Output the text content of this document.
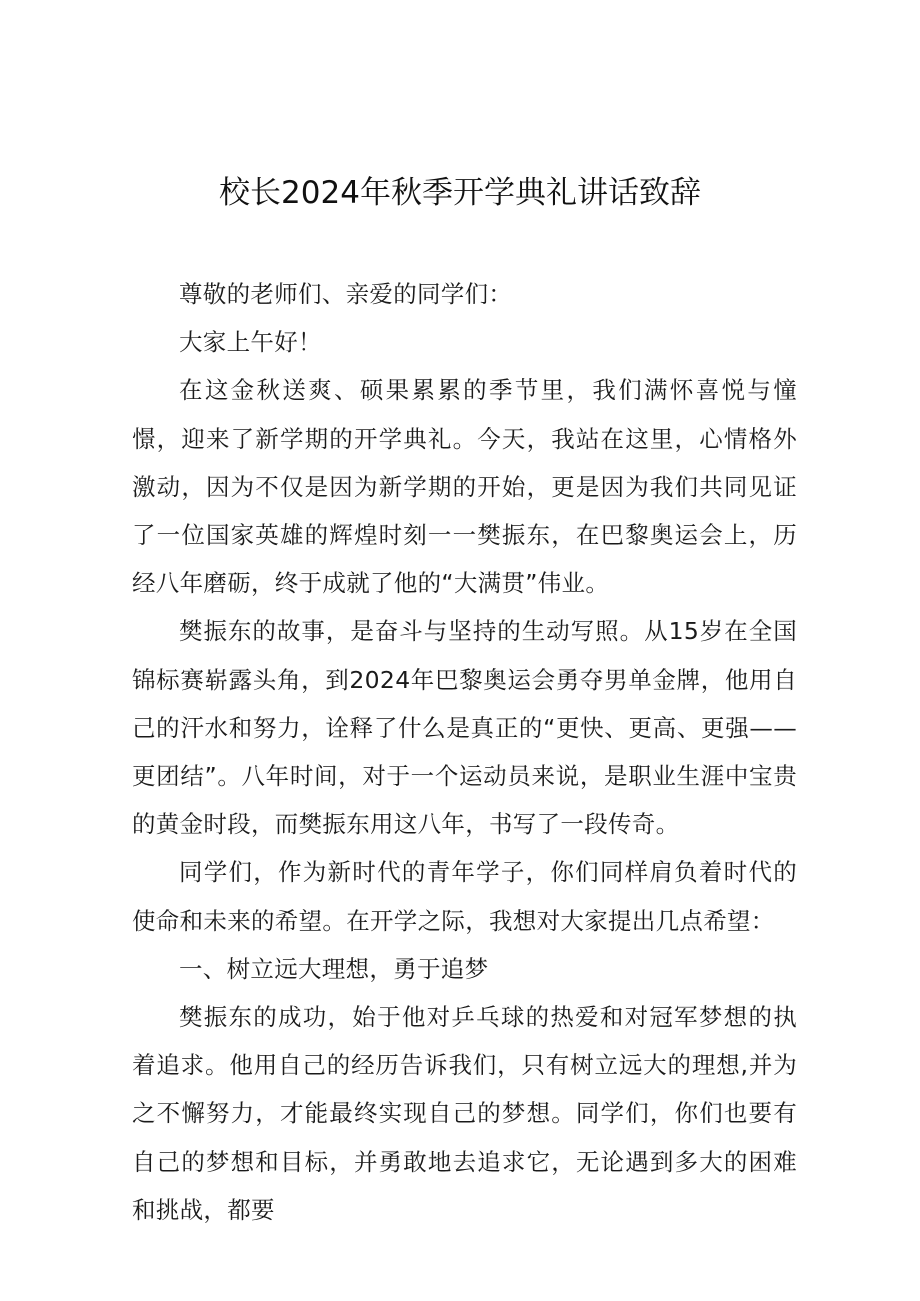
校长2024年秋季开学典礼讲话致辞

尊敬的老师们、亲爱的同学们：

大家上午好！

在这金秋送爽、硕果累累的季节里，我们满怀喜悦与憧憬，迎来了新学期的开学典礼。今天，我站在这里，心情格外激动，因为不仅是因为新学期的开始，更是因为我们共同见证了一位国家英雄的辉煌时刻一一樊振东，在巴黎奥运会上，历经八年磨砺，终于成就了他的“大满贯”伟业。

樊振东的故事，是奋斗与坚持的生动写照。从15岁在全国锦标赛崭露头角，到2024年巴黎奥运会勇夺男单金牌，他用自己的汗水和努力，诠释了什么是真正的“更快、更高、更强——更团结”。八年时间，对于一个运动员来说，是职业生涯中宝贵的黄金时段，而樊振东用这八年，书写了一段传奇。

同学们，作为新时代的青年学子，你们同样肩负着时代的使命和未来的希望。在开学之际，我想对大家提出几点希望：

一、树立远大理想，勇于追梦

樊振东的成功，始于他对乒乓球的热爱和对冠军梦想的执着追求。他用自己的经历告诉我们，只有树立远大的理想,并为之不懈努力，才能最终实现自己的梦想。同学们，你们也要有自己的梦想和目标，并勇敢地去追求它，无论遇到多大的困难和挑战，都要
